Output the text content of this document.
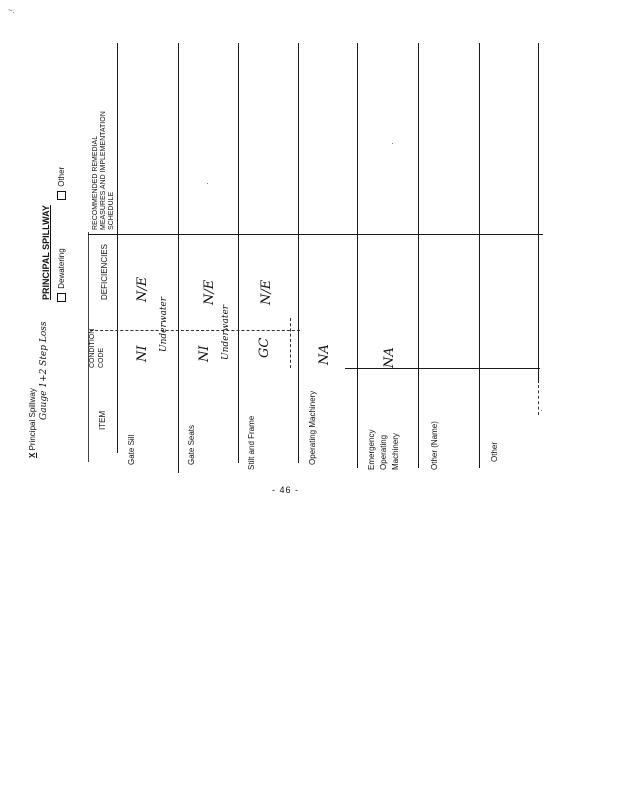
~.
PRINCIPAL SPILLWAY
X Principal Spillway Gauge 1+2 Step Loss
Dewatering
Other
ITEM
CONDITION CODE
DEFICIENCIES
RECOMMENDED REMEDIAL MEASURES AND IMPLEMENTATION SCHEDULE
Gate Sill
NI
Underwater
N/E
Gate Seats
NI Underwater
N/E
Stilt and Frame
GC
N/E
Operating Machinery
NA
Emergency Operating Machinery
NA
Other (Name)	Other
- 46 -
